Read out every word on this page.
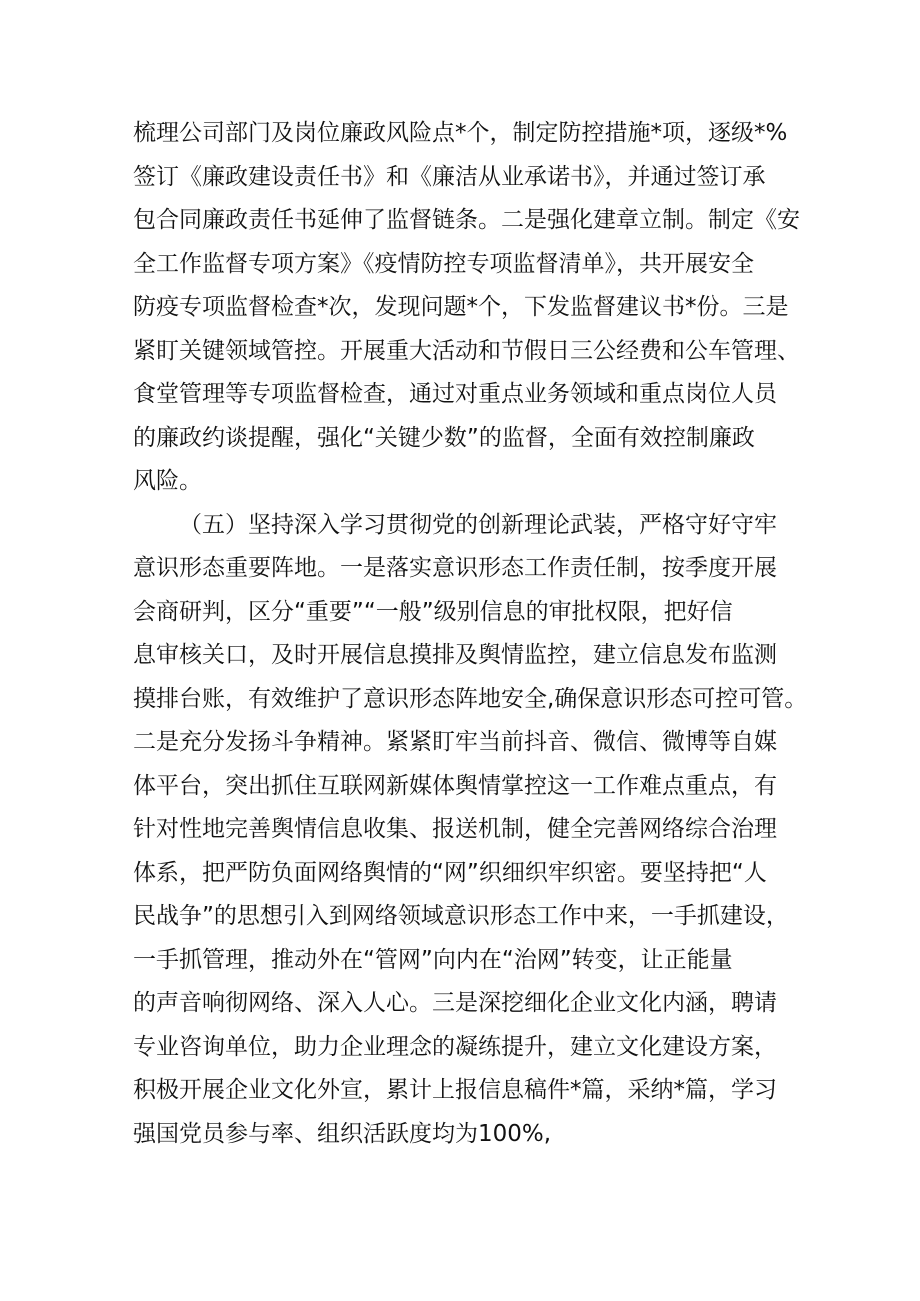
梳理公司部门及岗位廉政风险点*个，制定防控措施*项，逐级*%
签订《廉政建设责任书》和《廉洁从业承诺书》，并通过签订承
包合同廉政责任书延伸了监督链条。二是强化建章立制。制定《安
全工作监督专项方案》《疫情防控专项监督清单》，共开展安全
防疫专项监督检查*次，发现问题*个，下发监督建议书*份。三是
紧盯关键领域管控。开展重大活动和节假日三公经费和公车管理、
食堂管理等专项监督检查，通过对重点业务领域和重点岗位人员
的廉政约谈提醒，强化“关键少数”的监督，全面有效控制廉政
风险。
（五）坚持深入学习贯彻党的创新理论武装，严格守好守牢
意识形态重要阵地。一是落实意识形态工作责任制，按季度开展
会商研判，区分“重要”“一般”级别信息的审批权限，把好信
息审核关口，及时开展信息摸排及舆情监控，建立信息发布监测
摸排台账，有效维护了意识形态阵地安全,确保意识形态可控可管。
二是充分发扬斗争精神。紧紧盯牢当前抖音、微信、微博等自媒
体平台，突出抓住互联网新媒体舆情掌控这一工作难点重点，有
针对性地完善舆情信息收集、报送机制，健全完善网络综合治理
体系，把严防负面网络舆情的“网”织细织牢织密。要坚持把“人
民战争”的思想引入到网络领域意识形态工作中来，一手抓建设，
一手抓管理，推动外在“管网”向内在“治网”转变，让正能量
的声音响彻网络、深入人心。三是深挖细化企业文化内涵，聘请
专业咨询单位，助力企业理念的凝练提升，建立文化建设方案，
积极开展企业文化外宣，累计上报信息稿件*篇，采纳*篇，学习
强国党员参与率、组织活跃度均为100%,
